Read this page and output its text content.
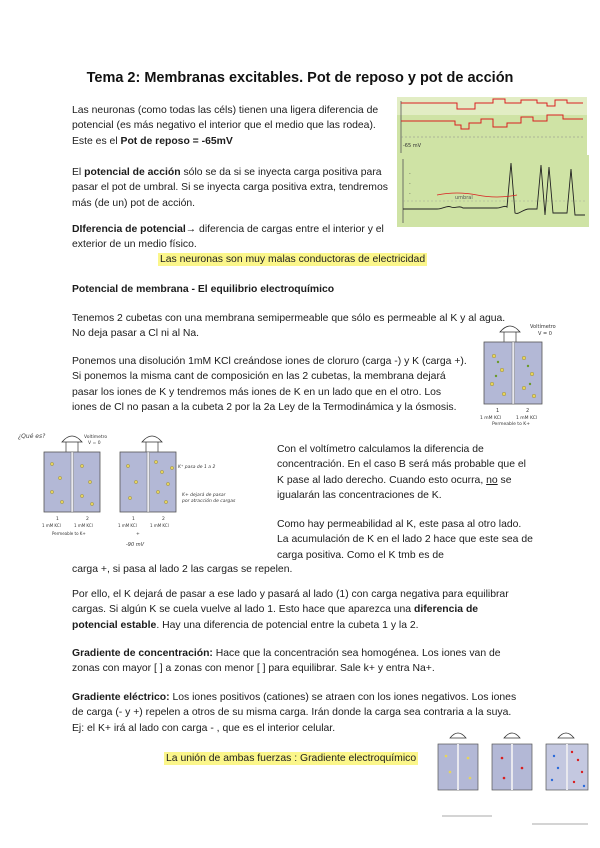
Tema 2: Membranas excitables. Pot de reposo y pot de acción
Las neuronas (como todas las céls) tienen una ligera diferencia de potencial (es más negativo el interior que el medio que las rodea). Este es el Pot de reposo = -65mV
El potencial de acción sólo se da si se inyecta carga positiva para pasar el pot de umbral. Si se inyecta carga positiva extra, tendremos más (de un) pot de acción.
DIferencia de potencial→ diferencia de cargas entre el interior y el exterior de un medio físico.
Las neuronas son muy malas conductoras de electricidad
Potencial de membrana - El equilibrio electroquímico
Tenemos 2 cubetas con una membrana semipermeable que sólo es permeable al K y al agua. No deja pasar a Cl ni al Na.
Ponemos una disolución 1mM KCl creándose iones de cloruro (carga -) y K (carga +). Si ponemos la misma cant de composición en las 2 cubetas, la membrana dejará pasar los iones de K y tendremos más iones de K en un lado que en el otro. Los iones de Cl no pasan a la cubeta 2 por la 2a Ley de la Termodinámica y la ósmosis.
Con el voltímetro calculamos la diferencia de concentración. En el caso B será más probable que el K pase al lado derecho. Cuando esto ocurra, no se igualarán las concentraciones de K.
Como hay permeabilidad al K, este pasa al otro lado. La acumulación de K en el lado 2 hace que este sea de carga positiva. Como el K tmb es de
carga +, si pasa al lado 2 las cargas se repelen.
Por ello, el K dejará de pasar a ese lado y pasará al lado (1) con carga negativa para equilibrar cargas. Si algún K se cuela vuelve al lado 1. Esto hace que aparezca una diferencia de potencial estable. Hay una diferencia de potencial entre la cubeta 1 y la 2.
Gradiente de concentración: Hace que la concentración sea homogénea. Los iones van de zonas con mayor [ ] a zonas con menor [ ] para equilibrar. Sale k+ y entra Na+.
Gradiente eléctrico: Los iones positivos (cationes) se atraen con los iones negativos. Los iones de carga (- y +) repelen a otros de su misma carga. Irán donde la carga sea contraria a la suya. Ej: el K+ irá al lado con carga - , que es el interior celular.
La unión de ambas fuerzas : Gradiente electroquímico
-65 mV
-
-
-
umbral
Voltímetro
V = 0
1	2
1 mM KCl	1 mM KCl
Permeable to K+
¿Qué es?	Voltímetro
V = 0
1	2
1 mM KCl	1 mM KCl
Permeable to K+
K⁺ pasa de 1 a 2
K+ dejará de pasar
por atracción de cargas
1	2
1 mM KCl	1 mM KCl
+
-90 mV
